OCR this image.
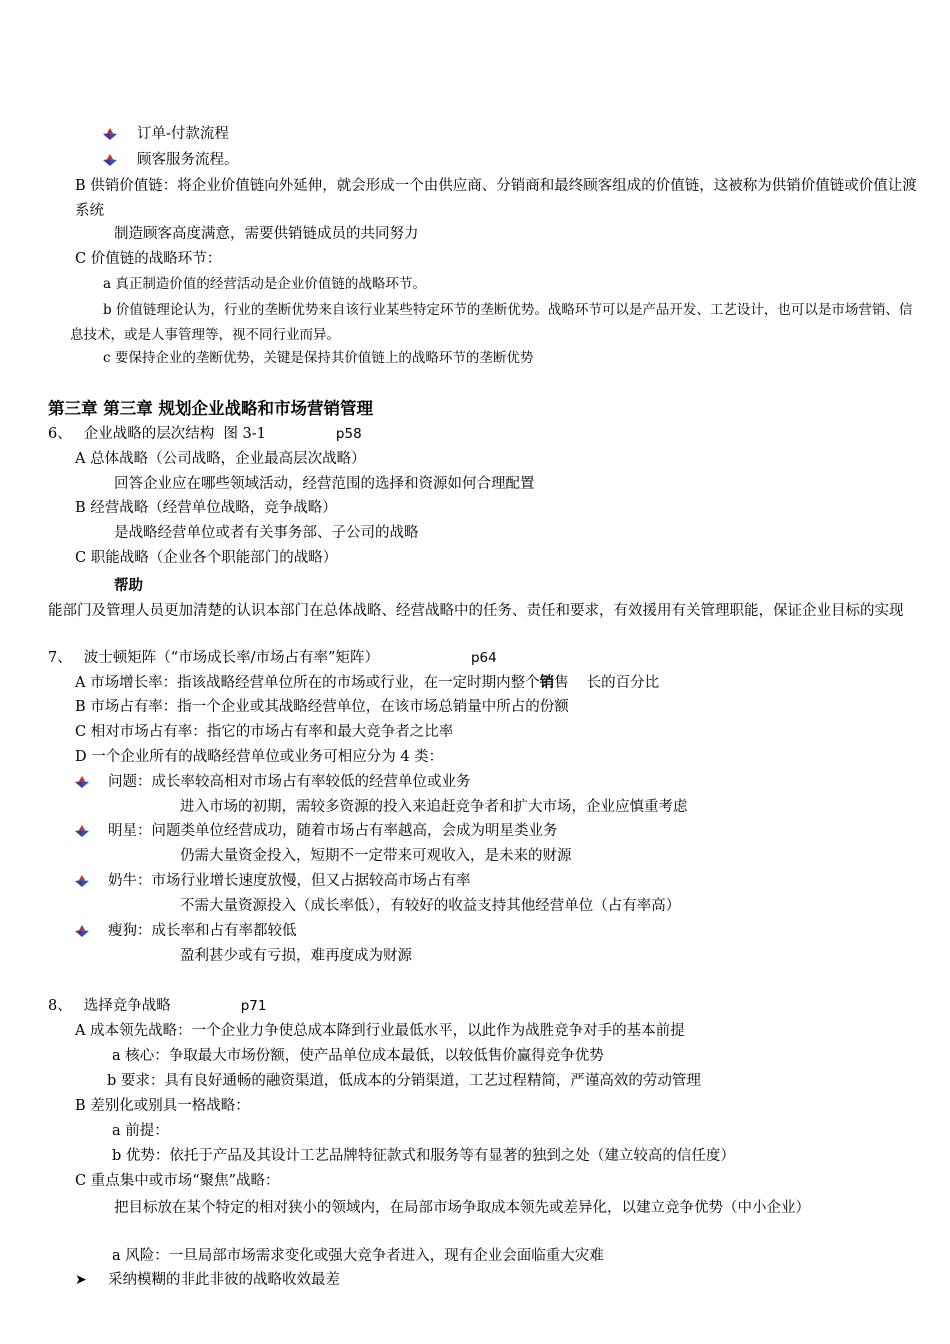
订单-付款流程
顾客服务流程。
B 供销价值链：将企业价值链向外延伸，就会形成一个由供应商、分销商和最终顾客组成的价值链，这被称为供销价值链或价值让渡系统
制造顾客高度满意，需要供销链成员的共同努力
C 价值链的战略环节：
a 真正制造价值的经营活动是企业价值链的战略环节。
b 价值链理论认为，行业的垄断优势来自该行业某些特定环节的垄断优势。战略环节可以是产品开发、工艺设计，也可以是市场营销、信息技术，或是人事管理等，视不同行业而异。
c 要保持企业的垄断优势，关键是保持其价值链上的战略环节的垄断优势
第三章 第三章 规划企业战略和市场营销管理
6、 企业战略的层次结构  图 3-1	p58
A 总体战略（公司战略，企业最高层次战略）
回答企业应在哪些领域活动，经营范围的选择和资源如何合理配置
B 经营战略（经营单位战略，竞争战略）
是战略经营单位或者有关事务部、子公司的战略
C 职能战略（企业各个职能部门的战略）
帮助能部门及管理人员更加清楚的认识本部门在总体战略、经营战略中的任务、责任和要求，有效援用有关管理职能，保证企业目标的实现
7、 波士顿矩阵（“市场成长率/市场占有率”矩阵）	p64
A 市场增长率：指该战略经营单位所在的市场或行业，在一定时期内整个销售 长的百分比
B 市场占有率：指一个企业或其战略经营单位，在该市场总销量中所占的份额
C 相对市场占有率：指它的市场占有率和最大竞争者之比率
D 一个企业所有的战略经营单位或业务可相应分为 4 类：
问题：成长率较高相对市场占有率较低的经营单位或业务
进入市场的初期，需较多资源的投入来追赶竞争者和扩大市场，企业应慎重考虑
明星：问题类单位经营成功，随着市场占有率越高，会成为明星类业务
仍需大量资金投入，短期不一定带来可观收入，是未来的财源
奶牛：市场行业增长速度放慢，但又占据较高市场占有率
不需大量资源投入（成长率低），有较好的收益支持其他经营单位（占有率高）
瘦狗：成长率和占有率都较低
盈利甚少或有亏损，难再度成为财源
8、 选择竞争战略	p71
A 成本领先战略：一个企业力争使总成本降到行业最低水平，以此作为战胜竞争对手的基本前提
a 核心：争取最大市场份额，使产品单位成本最低，以较低售价赢得竞争优势
b 要求：具有良好通畅的融资渠道，低成本的分销渠道，工艺过程精简，严谨高效的劳动管理
B 差别化或别具一格战略：
a 前提：
b 优势：依托于产品及其设计工艺品牌特征款式和服务等有显著的独到之处（建立较高的信任度）
C 重点集中或市场“聚焦”战略：
把目标放在某个特定的相对狭小的领域内，在局部市场争取成本领先或差异化，以建立竞争优势（中小企业）
a 风险：一旦局部市场需求变化或强大竞争者进入，现有企业会面临重大灾难
➤ 采纳模糊的非此非彼的战略收效最差
